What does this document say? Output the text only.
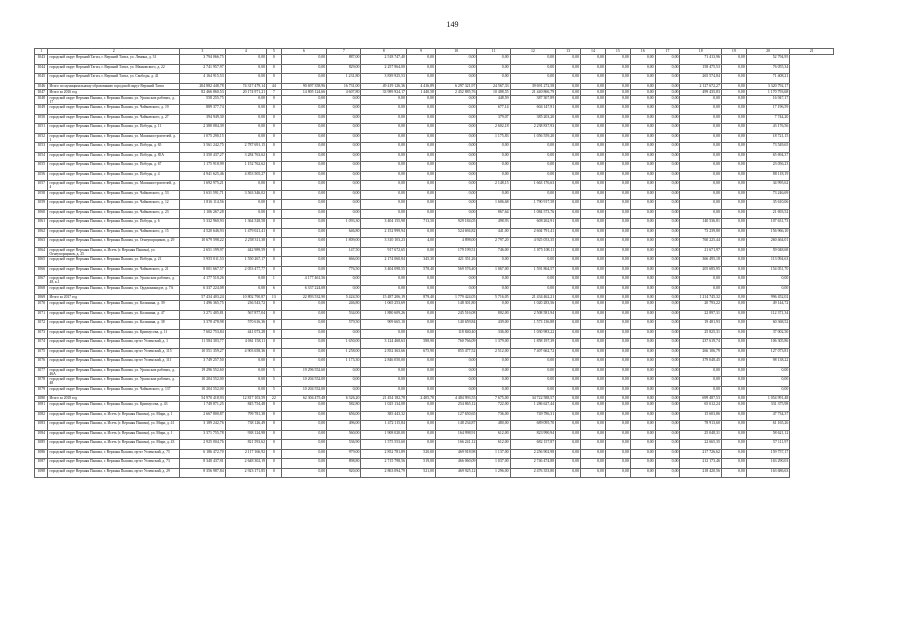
149
1	2	3	4	5	6	7	8	9	10	11	12	13	14	15	16	17	18	19	20	21
1043	городской округ Верхний Тагил, г. Верхний Тагил, ул. Ленина, д. 31	3 794 066,75	0,00	0	0,00	887,00	2 518 747,40	0,00	0,00	0,00	0,00	0,00	0,00	0,00	0,00	0,00	71 413,96	0,00	52 794,95	
1044	городской округ Верхний Тагил, г. Верхний Тагил, ул. Маяковского, д. 22	2 741 957,97	0,00	0	0,00	829,00	2 257 964,00	0,00	0,00	0,00	0,00	0,00	0,00	0,00	0,00	0,00	158 475,53	0,00	76 055,34	
1045	городской округ Верхний Тагил, г. Верхний Тагил, ул. Свободы, д. 41	4 164 915,53	0,00	0	0,00	1 231,80	3 839 925,53	0,00	0,00	0,00	0,00	0,00	0,00	0,00	0,00	0,00	265 574,84	0,00	71 408,21	
1046	Итого по муниципальному образованию городской округ Верхний Тагил	204 882 448,78	74 317 479,14	44	90 697 358,96	16 731,00	49 419 126,36	4 416,89	6 297 321,97	24 567,33	39 691 272,58	0,00	0,00	0,00	0,00	0,00	2 127 672,27	0,00	3 320 792,17	
1047	Итого за 2016 год	82 466 860,53	20 174 971,21	7	14 805 124,66	4 607,80	33 989 924,17	1 440,58	2 452 885,76	10 488,55	21 440 866,79	0,00	0,00	0,00	0,00	0,00	499 435,83	0,00	1 170 793,68	
1048	городской округ Верхняя Пышма, г. Верхняя Пышма, ул. Уральских рабочих, д. 17	558 255,75	0,00	0	0,00	0,00	0,00	0,00	0,00	448,59	387 307,89	0,00	0,00	0,00	0,00	0,00	0,00	0,00	16 947,17	
1049	городской округ Верхняя Пышма, г. Верхняя Пышма, ул. Чайковского, д. 19	889 377,74	0,00	0	0,00	0,00	0,00	0,00	0,00	677,14	604 147,91	0,00	0,00	0,00	0,00	0,00	0,00	0,00	17 196,59	
1050	городской округ Верхняя Пышма, г. Верхняя Пышма, ул. Чайковского, д. 27	394 949,30	0,00	0	0,00	0,00	0,00	0,00	0,00	379,07	385 203,20	0,00	0,00	0,00	0,00	0,00	0,00	0,00	7 744,20	
1051	городской округ Верхняя Пышма, г. Верхняя Пышма, ул. Победы, д. 11	2 380 084,39	0,00	0	0,00	0,00	0,00	0,00	0,00	2 602,18	2 238 837,93	0,00	0,00	0,00	0,00	0,00	0,00	0,00	43 176,56	
1052	городской округ Верхняя Пышма, г. Верхняя Пышма, ул. Машиностроителей, д. 1	1 075 290,15	0,00	0	0,00	0,00	0,00	0,00	0,00	1 175,83	1 056 559,20	0,00	0,00	0,00	0,00	0,00	0,00	0,00	18 721,15	
1053	городской округ Верхняя Пышма, г. Верхняя Пышма, ул. Победы, д. 65	3 561 242,75	2 787 691,15	0	0,00	0,00	0,00	0,00	0,00	0,00	0,00	0,00	0,00	0,00	0,00	0,00	0,00	0,00	73 549,65	
1054	городской округ Верхняя Пышма, г. Верхняя Пышма, ул. Победы, д. 85А	3 350 437,27	3 284 763,62	0	0,00	0,00	0,00	0,00	0,00	0,00	0,00	0,00	0,00	0,00	0,00	0,00	0,00	0,00	65 694,37	
1055	городской округ Верхняя Пышма, г. Верхняя Пышма, ул. Победы, д. 67	1 175 918,99	1 152 762,62	0	0,00	0,00	0,00	0,00	0,00	0,00	0,00	0,00	0,00	0,00	0,00	0,00	0,00	0,00	23 056,23	
1056	городской округ Верхняя Пышма, г. Верхняя Пышма, ул. Победы, д. 4	4 941 625,46	4 853 505,27	0	0,00	0,00	0,00	0,00	0,00	0,00	0,00	0,00	0,00	0,00	0,00	0,00	0,00	0,00	88 118,19	
1057	городской округ Верхняя Пышма, г. Верхняя Пышма, ул. Машиностроителей, д. 4	1 692 975,21	0,00	0	0,00	0,00	0,00	0,00	0,00	2 148,15	1 663 176,63	0,00	0,00	0,00	0,00	0,00	0,00	0,00	34 995,62	
1058	городской округ Верхняя Пышма, г. Верхняя Пышма, ул. Чайковского, д. 53	3 631 591,71	3 563 346,02	0	0,00	0,00	0,00	0,00	0,00	0,00	0,00	0,00	0,00	0,00	0,00	0,00	0,00	0,00	73 246,69	
1059	городской округ Верхняя Пышма, г. Верхняя Пышма, ул. Чайковского, д. 12	1 816 114,56	0,00	0	0,00	0,00	0,00	0,00	0,00	1 606,68	1 790 917,58	0,00	0,00	0,00	0,00	0,00	0,00	0,00	35 610,06	
1060	городской округ Верхняя Пышма, г. Верхняя Пышма, ул. Чайковского, д. 23	1 106 267,28	0,00	0	0,00	0,00	0,00	0,00	0,00	867,64	1 084 573,76	0,00	0,00	0,00	0,00	0,00	0,00	0,00	21 693,52	
1061	городской округ Верхняя Пышма, г. Верхняя Пышма, ул. Победы, д. 6	5 332 960,93	1 364 528,58	0	0,00	1 093,30	3 404 155,98	713,50	929 184,05	498,93	608 262,91	0,00	0,00	0,00	0,00	0,00	140 536,81	0,00	107 631,73	
1062	городской округ Верхняя Пышма, г. Верхняя Пышма, ул. Чайковского, д. 15	4 520 646,93	1 479 021,41	0	0,00	646,80	2 152 999,94	0,00	524 694,82	441,00	2 604 791,41	0,00	0,00	0,00	0,00	0,00	73 239,80	0,00	156 966,10	
1063	городской округ Верхняя Пышма, г. Верхняя Пышма, ул. Огнеупорщиков, д. 29	10 679 598,22	2 258 311,38	0	0,00	1 809,00	3 310 103,23	4,00	4 898,00	2 797,20	4 925 053,35	0,00	0,00	0,00	0,00	0,00	760 225,44	0,00	260 464,01	
1064	городской округ Верхняя Пышма, п. Исеть (г. Верхняя Пышма), ул. Огнеупорщиков, д. 25	2 651 199,97	442 989,59	0	0,00	147,50	917 672,65	0,00	179 199,51	746,00	1 075 108,11	0,00	0,00	0,00	0,00	0,00	21 671,97	0,00	59 048,68	
1065	городской округ Верхняя Пышма, г. Верхняя Пышма, ул. Победы, д. 21	5 955 011,53	1 550 267,17	0	0,00	666,00	2 174 060,84	345,30	421 351,26	0,00	0,00	0,00	0,00	0,00	0,00	0,00	366 495,18	0,00	113 094,63	
1066	городской округ Верхняя Пышма, г. Верхняя Пышма, ул. Чайковского, д. 21	8 001 667,57	2 053 477,77	0	0,00	776,50	3 404 098,55	578,40	569 576,40	1 067,00	1 591 864,57	0,00	0,00	0,00	0,00	0,00	205 685,95	0,00	154 051,70	
1067	городской округ Верхняя Пышма, г. Верхняя Пышма, ул. Уральских рабочих, д. 48, к.1	4 177 510,26	0,00	1	4 177 461,56	0,00	0,00	0,00	0,00	0,00	0,00	0,00	0,00	0,00	0,00	0,00	0,00	0,00	0,00	
1068	городской округ Верхняя Пышма, г. Верхняя Пышма, ул. Орджоникидзе, д. 7А	6 337 224,08	0,00	6	6 337 224,08	0,00	0,00	0,00	0,00	0,00	0,00	0,00	0,00	0,00	0,00	0,00	0,00	0,00	0,00	
1069	Итого за 2017 год	57 434 403,24	10 802 790,87	13	22 893 532,90	5 424,50	15 487 206,19	879,40	1 779 424,05	5 716,05	21 434 462,21	0,00	0,00	0,00	0,00	0,00	1 214 745,32	0,00	996 452,02	
1070	городской округ Верхняя Пышма, г. Верхняя Пышма, ул. Калинина, д. 39	1 496 365,75	236 543,72	0	0,00	246,80	1 065 253,69	0,00	148 301,80	0,00	1 020 283,56	0,00	0,00	0,00	0,00	0,00	20 793,22	0,00	49 144,72	
1071	городской округ Верхняя Пышма, г. Верхняя Пышма, ул. Калинина, д. 47	3 271 405,81	567 877,04	0	0,00	534,00	1 880 609,26	0,00	245 516,08	802,00	2 508 581,94	0,00	0,00	0,00	0,00	0,00	22 897,31	0,00	112 371,34	
1072	городской округ Верхняя Пышма, г. Верхняя Пышма, ул. Калинина, д. 38	3 378 478,98	570 616,36	0	0,00	579,50	909 665,10	0,00	140 659,84	439,00	1 573 136,88	0,00	0,00	0,00	0,00	0,00	19 481,93	0,00	60 368,52	
1073	городской округ Верхняя Пышма, г. Верхняя Пышма, ул. Кривоусова, д. 11	7 602 753,84	441 073,28	0	0,00	0,00	0,00	0,00	118 840,40	336,00	1 030 983,22	0,00	0,00	0,00	0,00	0,00	25 825,31	0,00	37 002,50	
1074	городской округ Верхняя Пышма, г. Верхняя Пышма, пр-кт Успенский, д. 1	11 584 303,77	4 061 158,11	0	0,00	1 650,00	3 124 468,63	588,90	760 766,09	1 379,00	1 858 197,39	0,00	0,00	0,00	0,00	0,00	237 619,74	0,00	106 305,86	
1075	городской округ Верхняя Пышма, г. Верхняя Пышма, пр-кт Успенский, д. 115	10 551 359,27	4 903 658,36	0	0,00	1 258,00	2 852 363,66	675,90	855 477,52	2 512,00	7 407 662,72	0,00	0,00	0,00	0,00	0,00	266 106,79	0,00	127 073,81	
1076	городской округ Верхняя Пышма, г. Верхняя Пышма, пр-кт Успенский, д. 111	3 749 257,50	0,00	0	0,00	1 173,30	2 846 050,00	0,00	0,00	0,00	0,00	0,00	0,00	0,00	0,00	0,00	379 048,45	0,00	98 138,22	
1077	городской округ Верхняя Пышма, г. Верхняя Пышма, ул. Уральских рабочих, д. 46А	19 296 552,60	0,00	5	19 296 552,60	0,00	0,00	0,00	0,00	0,00	0,00	0,00	0,00	0,00	0,00	0,00	0,00	0,00	0,00	
1078	городской округ Верхняя Пышма, г. Верхняя Пышма, ул. Уральских рабочих, д. 48	10 204 552,00	0,00	5	10 204 552,00	0,00	0,00	0,00	0,00	0,00	0,00	0,00	0,00	0,00	0,00	0,00	0,00	0,00	0,00	
1079	городской округ Верхняя Пышма, г. Верхняя Пышма, ул. Чайковского, д. 137	10 204 552,00	0,00	5	10 204 552,00	0,00	0,00	0,00	0,00	0,00	0,00	0,00	0,00	0,00	0,00	0,00	0,00	0,00	0,00	
1080	Итого за 2018 год	54 970 418,93	12 817 103,59	22	62 304 475,48	6 326,20	21 454 182,78	2 405,78	4 484 993,55	7 675,00	34 722 588,57	0,00	0,00	0,00	0,00	0,00	699 487,53	0,00	1 054 991,48	
1081	городской округ Верхняя Пышма, г. Верхняя Пышма, ул. Кривоусова, д. 43	1 749 871,25	845 754,48	0	0,00	582,80	1 025 134,08	0,00	254 865,12	722,00	1 286 627,44	0,00	0,00	0,00	0,00	0,00	65 612,24	0,00	331 375,98	
1082	городской округ Верхняя Пышма, п. Исеть (г. Верхняя Пышма), ул. Мира, д. 1	2 667 800,87	799 781,38	0	0,00	656,00	385 443,32	0,00	127 650,65	736,00	749 786,31	0,00	0,00	0,00	0,00	0,00	15 603,86	0,00	47 734,37	
1083	городской округ Верхняя Пышма, п. Исеть (г. Верхняя Пышма), ул. Мира, д. 41	3 189 242,76	738 126,49	0	0,00	496,00	1 472 115,84	0,00	148 234,87	480,00	689 095,70	0,00	0,00	0,00	0,00	0,00	78 913,60	0,00	61 165,26	
1084	городской округ Верхняя Пышма, п. Исеть (г. Верхняя Пышма), ул. Мира, д. 1	3 371 755,78	938 124,98	0	0,00	560,00	1 908 020,00	0,00	164 998,91	612,00	823 990,94	0,00	0,00	0,00	0,00	0,00	25 048,31	0,00	58 621,12	
1085	городской округ Верхняя Пышма, п. Исеть (г. Верхняя Пышма), ул. Мира, д. 43	2 925 004,76	821 593,62	0	0,00	536,90	1 575 553,60	0,00	166 241,12	612,00	682 157,87	0,00	0,00	0,00	0,00	0,00	22 665,35	0,00	57 111,97	
1086	городской округ Верхняя Пышма, г. Верхняя Пышма, пр-кт Успенский, д. 75	6 186 472,70	2 117 166,92	0	0,00	979,00	2 852 781,89	520,00	469 918,98	1 137,00	2 256 902,98	0,00	0,00	0,00	0,00	0,00	217 726,62	0,00	159 757,17	
1087	городской округ Верхняя Пышма, г. Верхняя Пышма, пр-кт Успенский, д. 73	8 340 437,91	2 648 302,19	0	0,00	898,80	2 715 798,56	519,00	466 060,09	1 037,00	2 746 474,88	0,00	0,00	0,00	0,00	0,00	212 173,46	0,00	163 290,03	
1088	городской округ Верхняя Пышма, г. Верхняя Пышма, пр-кт Успенский, д. 29	8 356 987,84	2 923 171,85	0	0,00	920,00	2 863 094,79	521,00	469 925,12	1 296,00	2 476 353,80	0,00	0,00	0,00	0,00	0,00	218 420,56	0,00	163 686,63	
